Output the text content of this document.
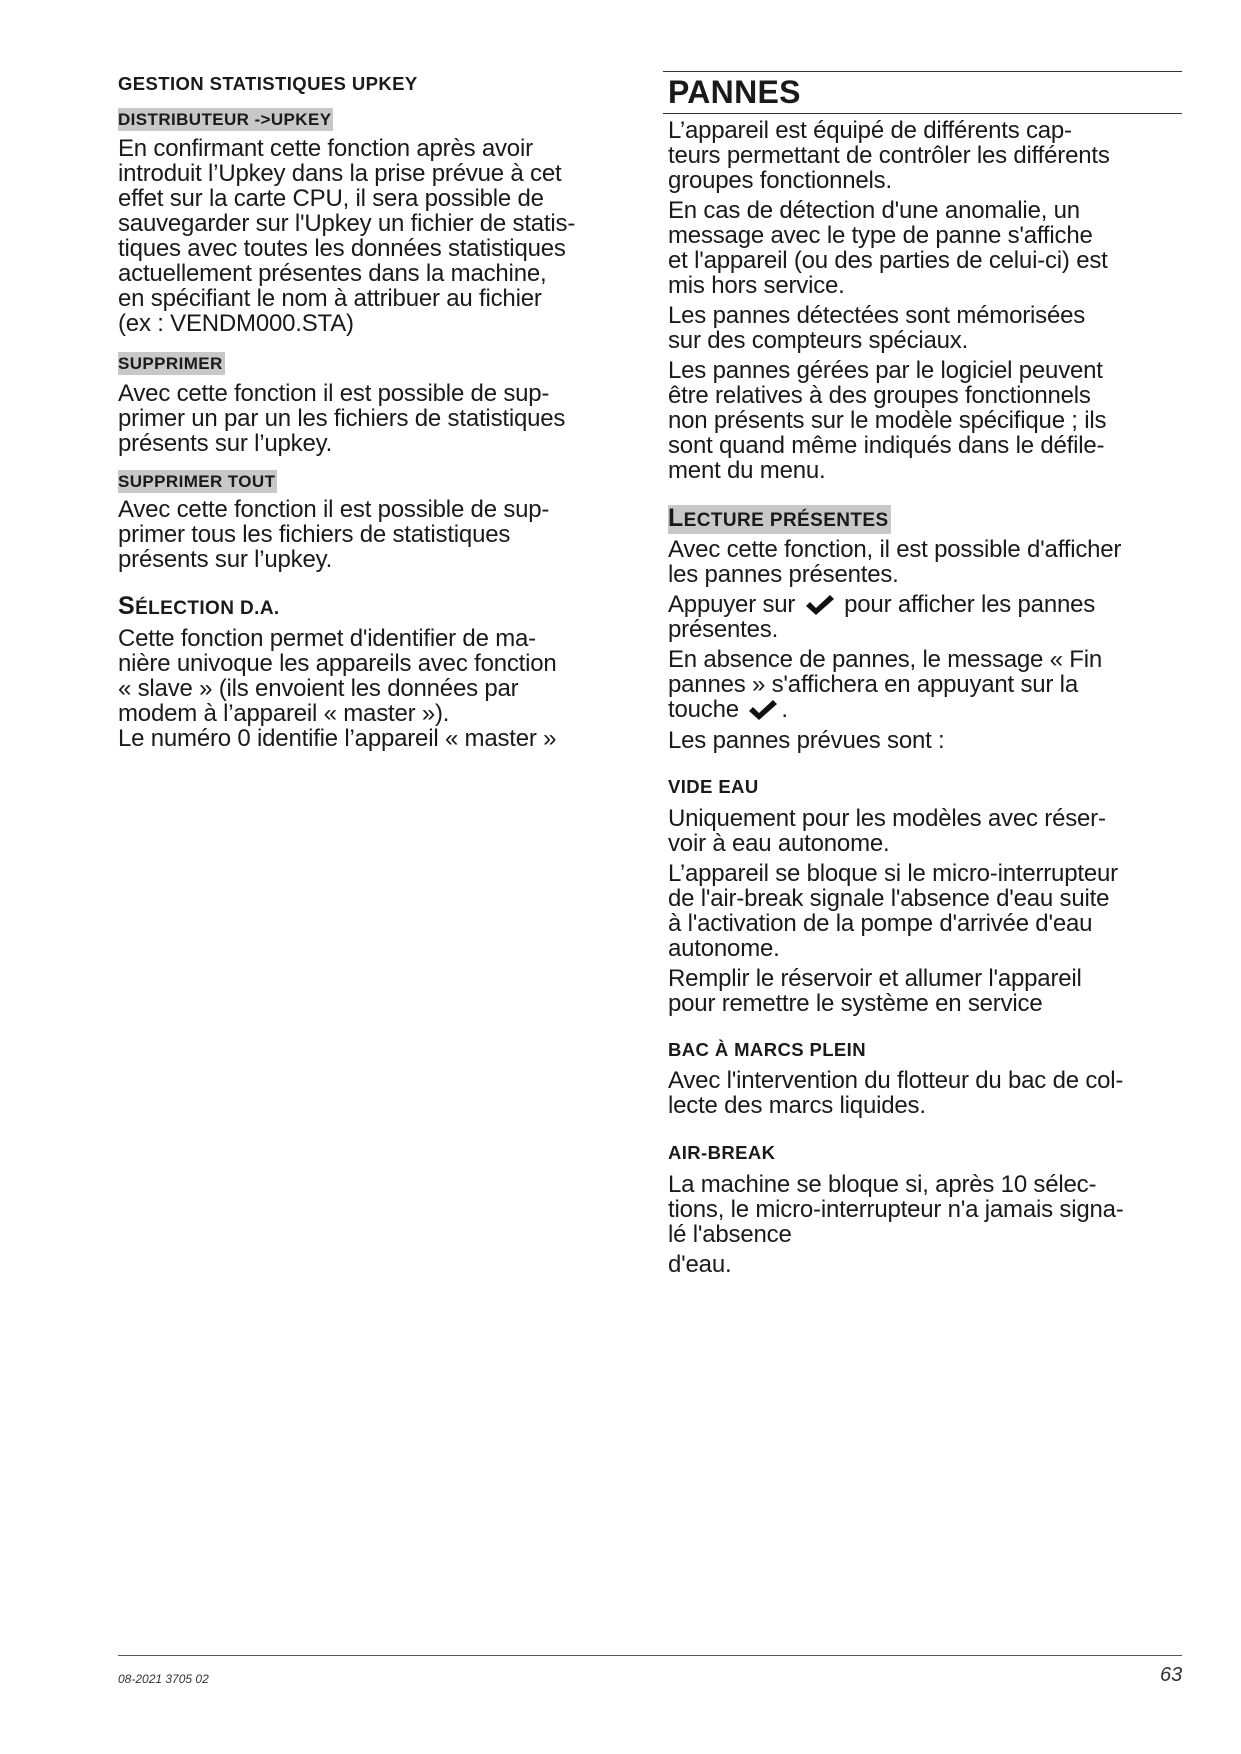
GESTION STATISTIQUES UPKEY

DISTRIBUTEUR ->UPKEY

En confirmant cette fonction après avoir

introduit l’Upkey dans la prise prévue à cet

effet sur la carte CPU, il sera possible de

sauvegarder sur l'Upkey un fichier de statis-

tiques avec toutes les données statistiques

actuellement présentes dans la machine,

en spécifiant le nom à attribuer au fichier

(ex : VENDM000.STA)

SUPPRIMER

Avec cette fonction il est possible de sup-

primer un par un les fichiers de statistiques

présents sur l’upkey.

SUPPRIMER TOUT

Avec cette fonction il est possible de sup-

primer tous les fichiers de statistiques

présents sur l’upkey.

SÉLECTION D.A.

Cette fonction permet d'identifier de ma-

nière univoque les appareils avec fonction

« slave » (ils envoient les données par

modem à l’appareil « master »).

Le numéro 0 identifie l’appareil « master »

PANNES

L’appareil est équipé de différents cap-

teurs permettant de contrôler les différents

groupes fonctionnels.

En cas de détection d'une anomalie, un

message avec le type de panne s'affiche

et l'appareil (ou des parties de celui-ci) est

mis hors service.

Les pannes détectées sont mémorisées

sur des compteurs spéciaux.

Les pannes gérées par le logiciel peuvent

être relatives à des groupes fonctionnels

non présents sur le modèle spécifique ; ils

sont quand même indiqués dans le défile-

ment du menu.

LECTURE PRÉSENTES

Avec cette fonction, il est possible d'afficher

les pannes présentes.

Appuyer sur pour afficher les pannes

présentes.

En absence de pannes, le message « Fin

pannes » s'affichera en appuyant sur la

touche .

Les pannes prévues sont :

VIDE EAU

Uniquement pour les modèles avec réser-

voir à eau autonome.

L’appareil se bloque si le micro-interrupteur

de l'air-break signale l'absence d'eau suite

à l'activation de la pompe d'arrivée d'eau

autonome.

Remplir le réservoir et allumer l'appareil

pour remettre le système en service

BAC À MARCS PLEIN

Avec l'intervention du flotteur du bac de col-

lecte des marcs liquides.

AIR-BREAK

La machine se bloque si, après 10 sélec-

tions, le micro-interrupteur n'a jamais signa-

lé l'absence

d'eau.

08-2021 3705 02	63
